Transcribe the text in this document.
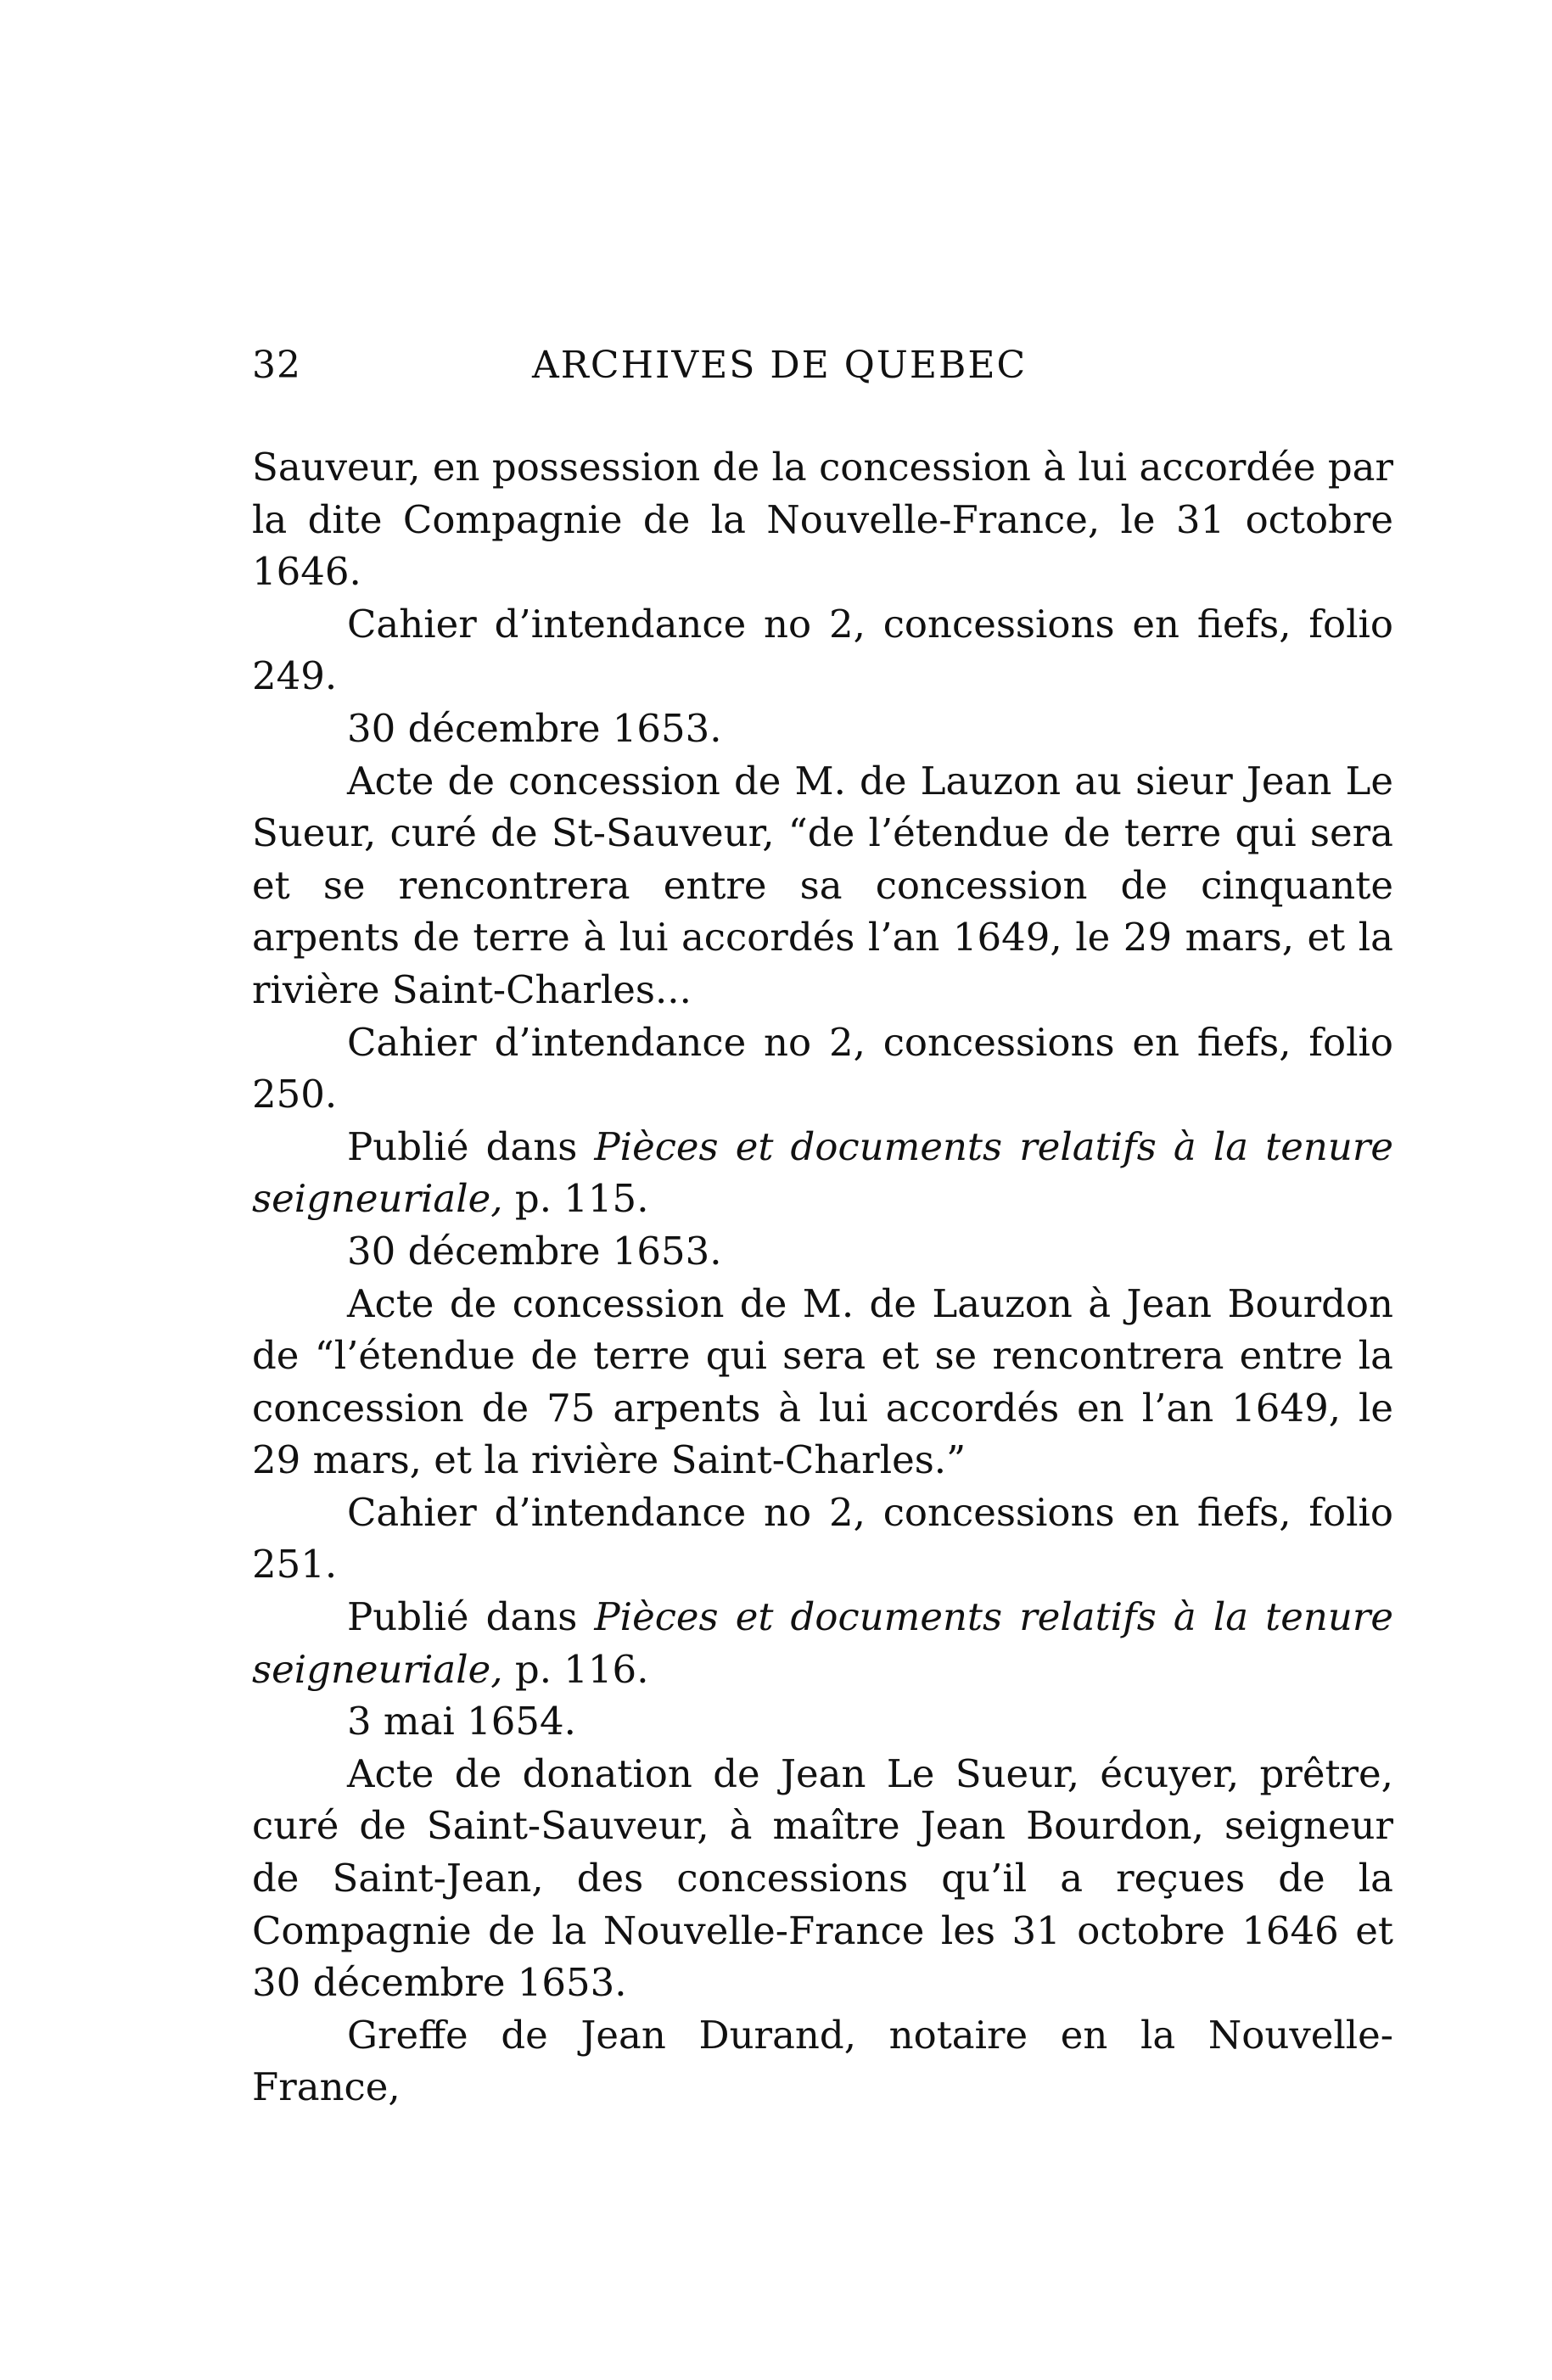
32	ARCHIVES DE QUEBEC

Sauveur, en possession de la concession à lui accordée par la dite Compagnie de la Nouvelle-France, le 31 octobre 1646.

Cahier d’intendance no 2, concessions en fiefs, folio 249.

30 décembre 1653.

Acte de concession de M. de Lauzon au sieur Jean Le Sueur, curé de St-Sauveur, “de l’étendue de terre qui sera et se rencontrera entre sa concession de cinquante arpents de terre à lui accordés l’an 1649, le 29 mars, et la rivière Saint-Charles...

Cahier d’intendance no 2, concessions en fiefs, folio 250.

Publié dans Pièces et documents relatifs à la tenure seigneuriale, p. 115.

30 décembre 1653.

Acte de concession de M. de Lauzon à Jean Bourdon de “l’étendue de terre qui sera et se rencontrera entre la concession de 75 arpents à lui accordés en l’an 1649, le 29 mars, et la rivière Saint-Charles.”

Cahier d’intendance no 2, concessions en fiefs, folio 251.

Publié dans Pièces et documents relatifs à la tenure seigneuriale, p. 116.

3 mai 1654.

Acte de donation de Jean Le Sueur, écuyer, prêtre, curé de Saint-Sauveur, à maître Jean Bourdon, seigneur de Saint-Jean, des concessions qu’il a reçues de la Compagnie de la Nouvelle-France les 31 octobre 1646 et 30 décembre 1653.

Greffe de Jean Durand, notaire en la Nouvelle-France,
